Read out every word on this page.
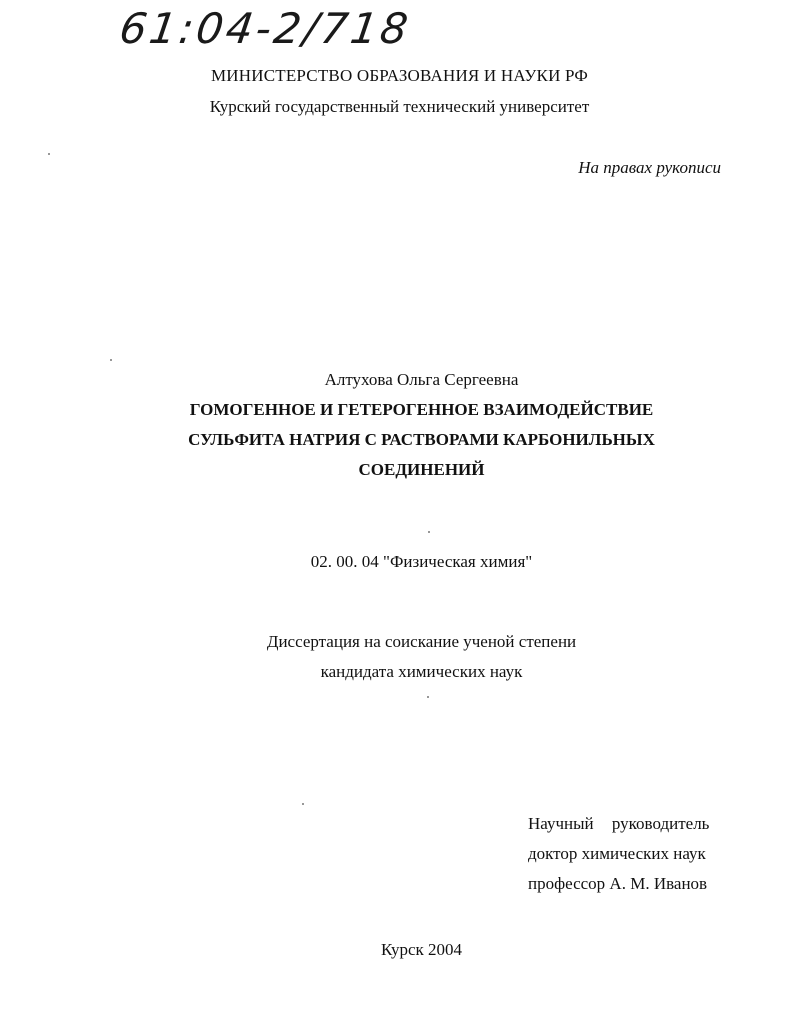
61:04-2/718
МИНИСТЕРСТВО ОБРАЗОВАНИЯ И НАУКИ РФ
Курский государственный технический университет
На правах рукописи
Алтухова Ольга Сергеевна
ГОМОГЕННОЕ И ГЕТЕРОГЕННОЕ ВЗАИМОДЕЙСТВИЕ
СУЛЬФИТА НАТРИЯ С РАСТВОРАМИ КАРБОНИЛЬНЫХ
СОЕДИНЕНИЙ
02. 00. 04 "Физическая химия"
Диссертация на соискание ученой степени
кандидата химических наук
Научный руководитель
доктор химических наук
профессор А. М. Иванов
Курск 2004
